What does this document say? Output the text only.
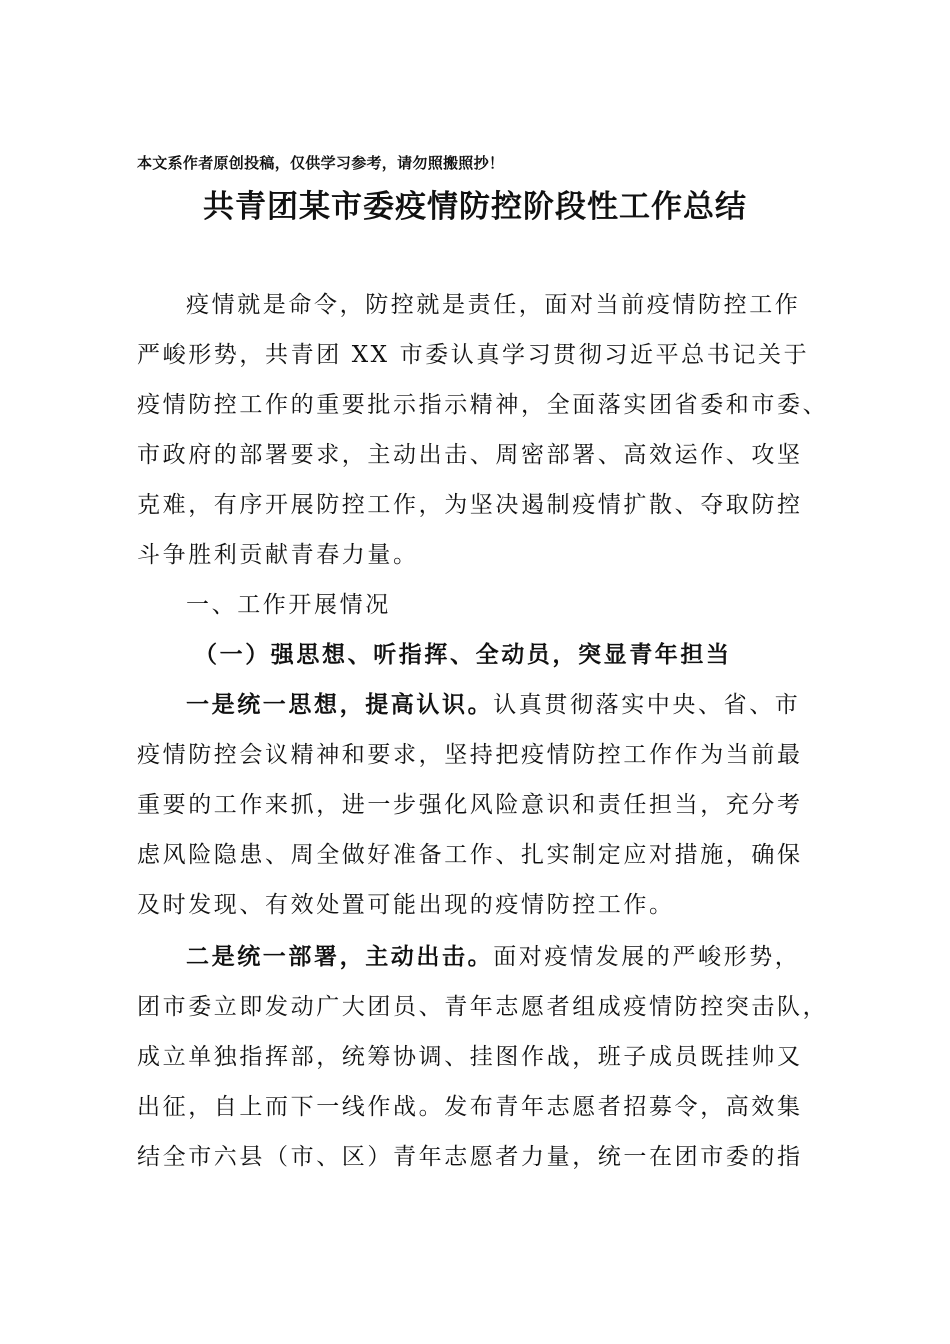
本文系作者原创投稿，仅供学习参考，请勿照搬照抄！
共青团某市委疫情防控阶段性工作总结
疫情就是命令，防控就是责任，面对当前疫情防控工作
严峻形势，共青团 XX 市委认真学习贯彻习近平总书记关于
疫情防控工作的重要批示指示精神，全面落实团省委和市委、
市政府的部署要求，主动出击、周密部署、高效运作、攻坚
克难，有序开展防控工作，为坚决遏制疫情扩散、夺取防控
斗争胜利贡献青春力量。
一、工作开展情况
（一）强思想、听指挥、全动员，突显青年担当
一是统一思想，提高认识。认真贯彻落实中央、省、市
疫情防控会议精神和要求，坚持把疫情防控工作作为当前最
重要的工作来抓，进一步强化风险意识和责任担当，充分考
虑风险隐患、周全做好准备工作、扎实制定应对措施，确保
及时发现、有效处置可能出现的疫情防控工作。
二是统一部署，主动出击。面对疫情发展的严峻形势，
团市委立即发动广大团员、青年志愿者组成疫情防控突击队，
成立单独指挥部，统筹协调、挂图作战，班子成员既挂帅又
出征，自上而下一线作战。发布青年志愿者招募令，高效集
结全市六县（市、区）青年志愿者力量，统一在团市委的指
